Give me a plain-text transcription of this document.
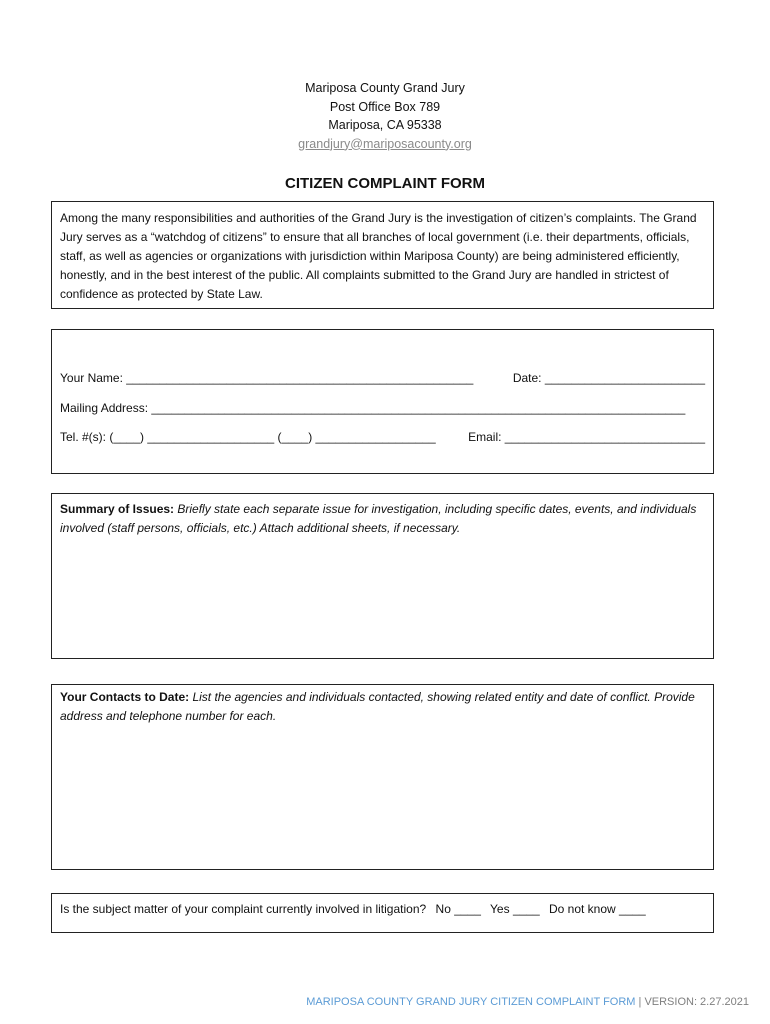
Mariposa County Grand Jury
Post Office Box 789
Mariposa, CA 95338
grandjury@mariposacounty.org
CITIZEN COMPLAINT FORM
Among the many responsibilities and authorities of the Grand Jury is the investigation of citizen’s complaints. The Grand Jury serves as a “watchdog of citizens” to ensure that all branches of local government (i.e. their departments, officials, staff, as well as agencies or organizations with jurisdiction within Mariposa County) are being administered efficiently, honestly, and in the best interest of the public. All complaints submitted to the Grand Jury are handled in strictest of confidence as protected by State Law.
Your Name: ____________________________________________________	Date: ________________________
Mailing Address: ________________________________________________________________________________
Tel. #(s): (____) ___________________ (____) __________________	Email: ______________________________
Summary of Issues: Briefly state each separate issue for investigation, including specific dates, events, and individuals involved (staff persons, officials, etc.) Attach additional sheets, if necessary.
Your Contacts to Date: List the agencies and individuals contacted, showing related entity and date of conflict. Provide address and telephone number for each.
Is the subject matter of your complaint currently involved in litigation? No ____ Yes ____ Do not know ____
MARIPOSA COUNTY GRAND JURY CITIZEN COMPLAINT FORM | VERSION: 2.27.2021
